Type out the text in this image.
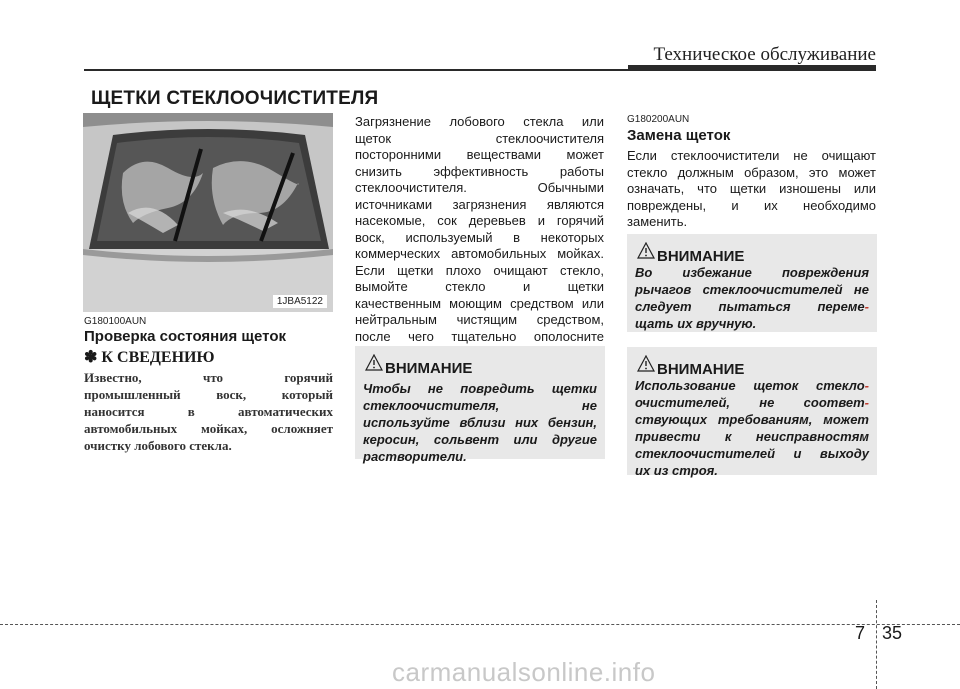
Техническое обслуживание
ЩЕТКИ СТЕКЛООЧИСТИТЕЛЯ
1JBA5122
G180100AUN
Проверка состояния щеток
✽ К СВЕДЕНИЮ
Известно, что горячий
промышленный воск, который
наносится в автоматических
автомобильных мойках, осложняет
очистку лобового стекла.
Загрязнение лобового стекла или
щеток стеклоочистителя
посторонними веществами может
снизить эффективность работы
стеклоочистителя. Обычными
источниками загрязнения являются
насекомые, сок деревьев и горячий
воск, используемый в некоторых
коммерческих автомобильных мойках.
Если щетки плохо очищают стекло,
вымойте стекло и щетки
качественным моющим средством или
нейтральным чистящим средством,
после чего тщательно ополосните
ВНИМАНИЕ
Чтобы не повредить щетки
стеклоочистителя, не
используйте вблизи них бензин,
керосин, сольвент или другие
растворители.
G180200AUN
Замена щеток
Если стеклоочистители не очищают
стекло должным образом, это может
означать, что щетки изношены или
повреждены, и их необходимо
заменить.
ВНИМАНИЕ
Во избежание повреждения
рычагов стеклоочистителей не
следует пытаться переме-
щать их вручную.
ВНИМАНИЕ
Использование щеток стекло-
очистителей, не соответ-
ствующих требованиям, может
привести к неисправностям
стеклоочистителей и выходу
их из строя.
7 35
carmanualsonline.info
